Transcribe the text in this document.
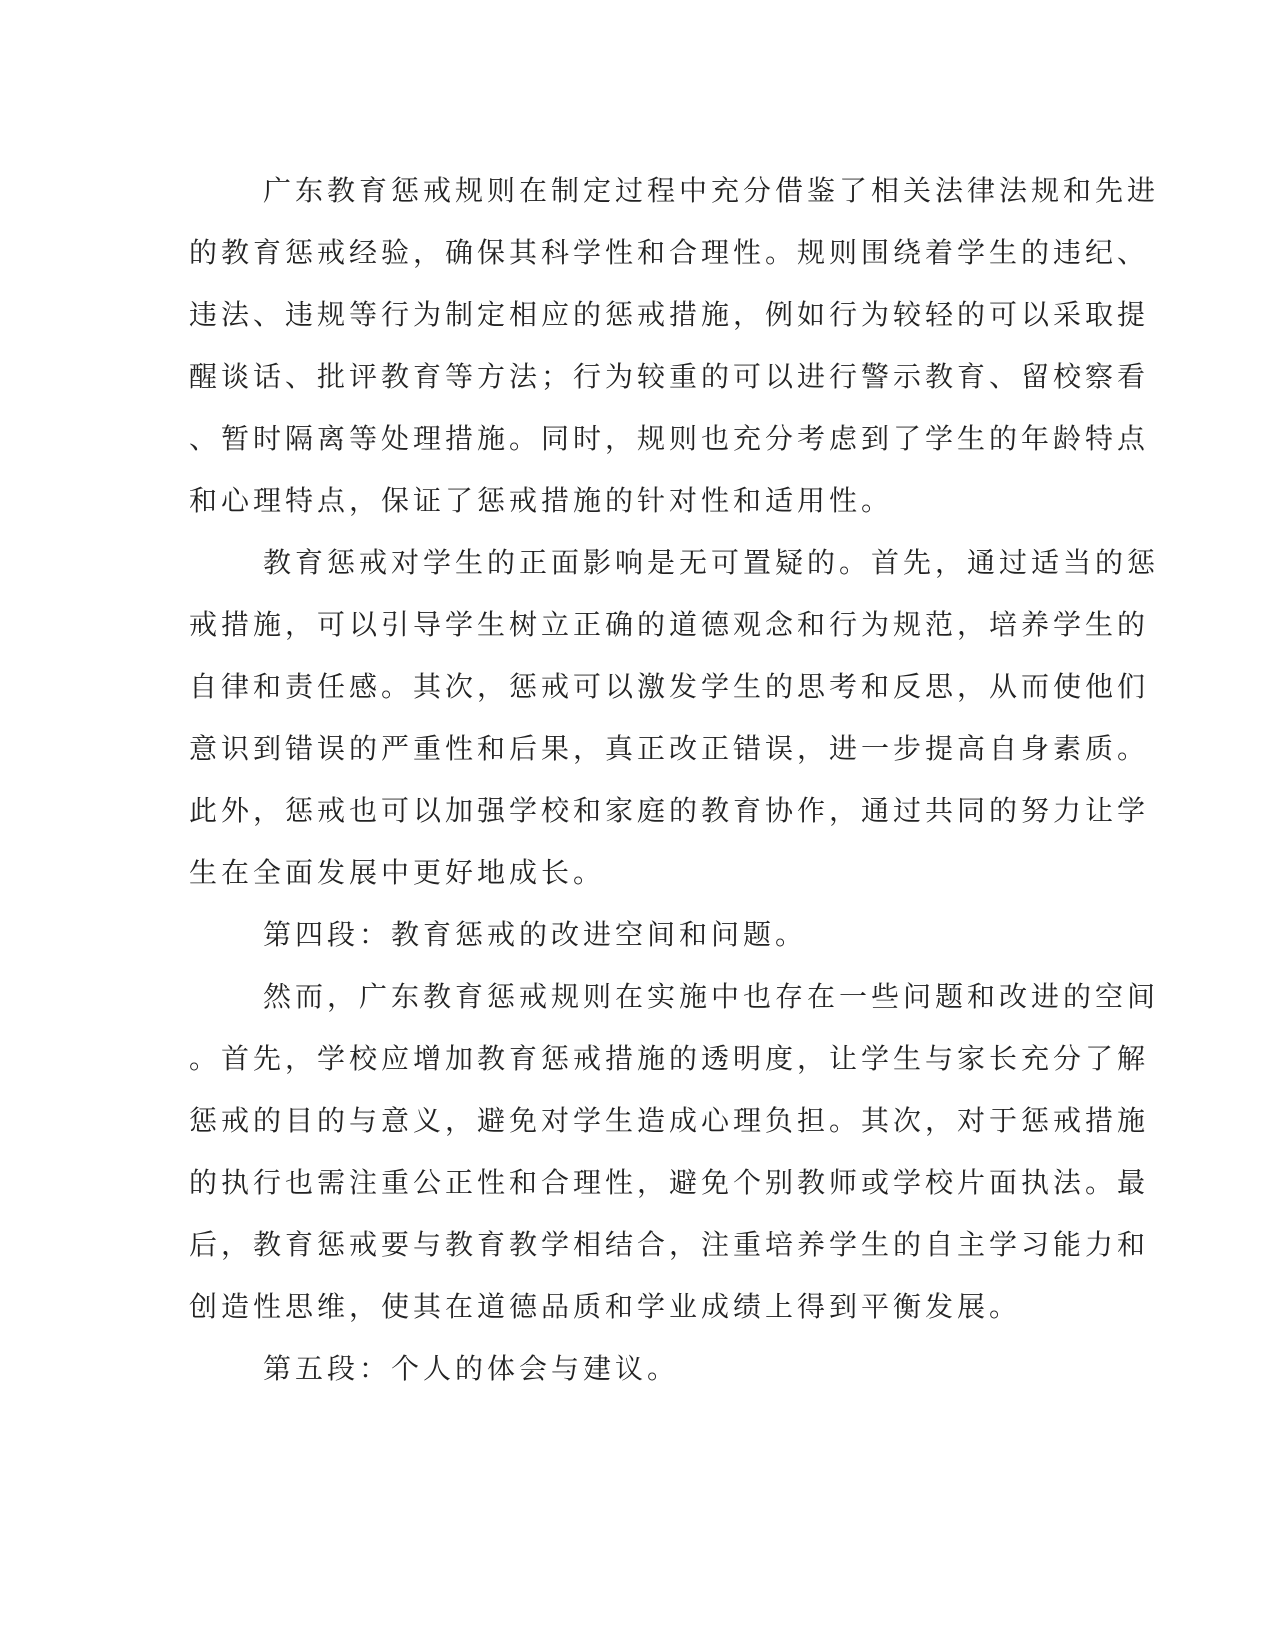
广东教育惩戒规则在制定过程中充分借鉴了相关法律法规和先进
的教育惩戒经验，确保其科学性和合理性。规则围绕着学生的违纪、
违法、违规等行为制定相应的惩戒措施，例如行为较轻的可以采取提
醒谈话、批评教育等方法；行为较重的可以进行警示教育、留校察看
、暂时隔离等处理措施。同时，规则也充分考虑到了学生的年龄特点
和心理特点，保证了惩戒措施的针对性和适用性。
教育惩戒对学生的正面影响是无可置疑的。首先，通过适当的惩
戒措施，可以引导学生树立正确的道德观念和行为规范，培养学生的
自律和责任感。其次，惩戒可以激发学生的思考和反思，从而使他们
意识到错误的严重性和后果，真正改正错误，进一步提高自身素质。
此外，惩戒也可以加强学校和家庭的教育协作，通过共同的努力让学
生在全面发展中更好地成长。
第四段：教育惩戒的改进空间和问题。
然而，广东教育惩戒规则在实施中也存在一些问题和改进的空间
。首先，学校应增加教育惩戒措施的透明度，让学生与家长充分了解
惩戒的目的与意义，避免对学生造成心理负担。其次，对于惩戒措施
的执行也需注重公正性和合理性，避免个别教师或学校片面执法。最
后，教育惩戒要与教育教学相结合，注重培养学生的自主学习能力和
创造性思维，使其在道德品质和学业成绩上得到平衡发展。
第五段：个人的体会与建议。
